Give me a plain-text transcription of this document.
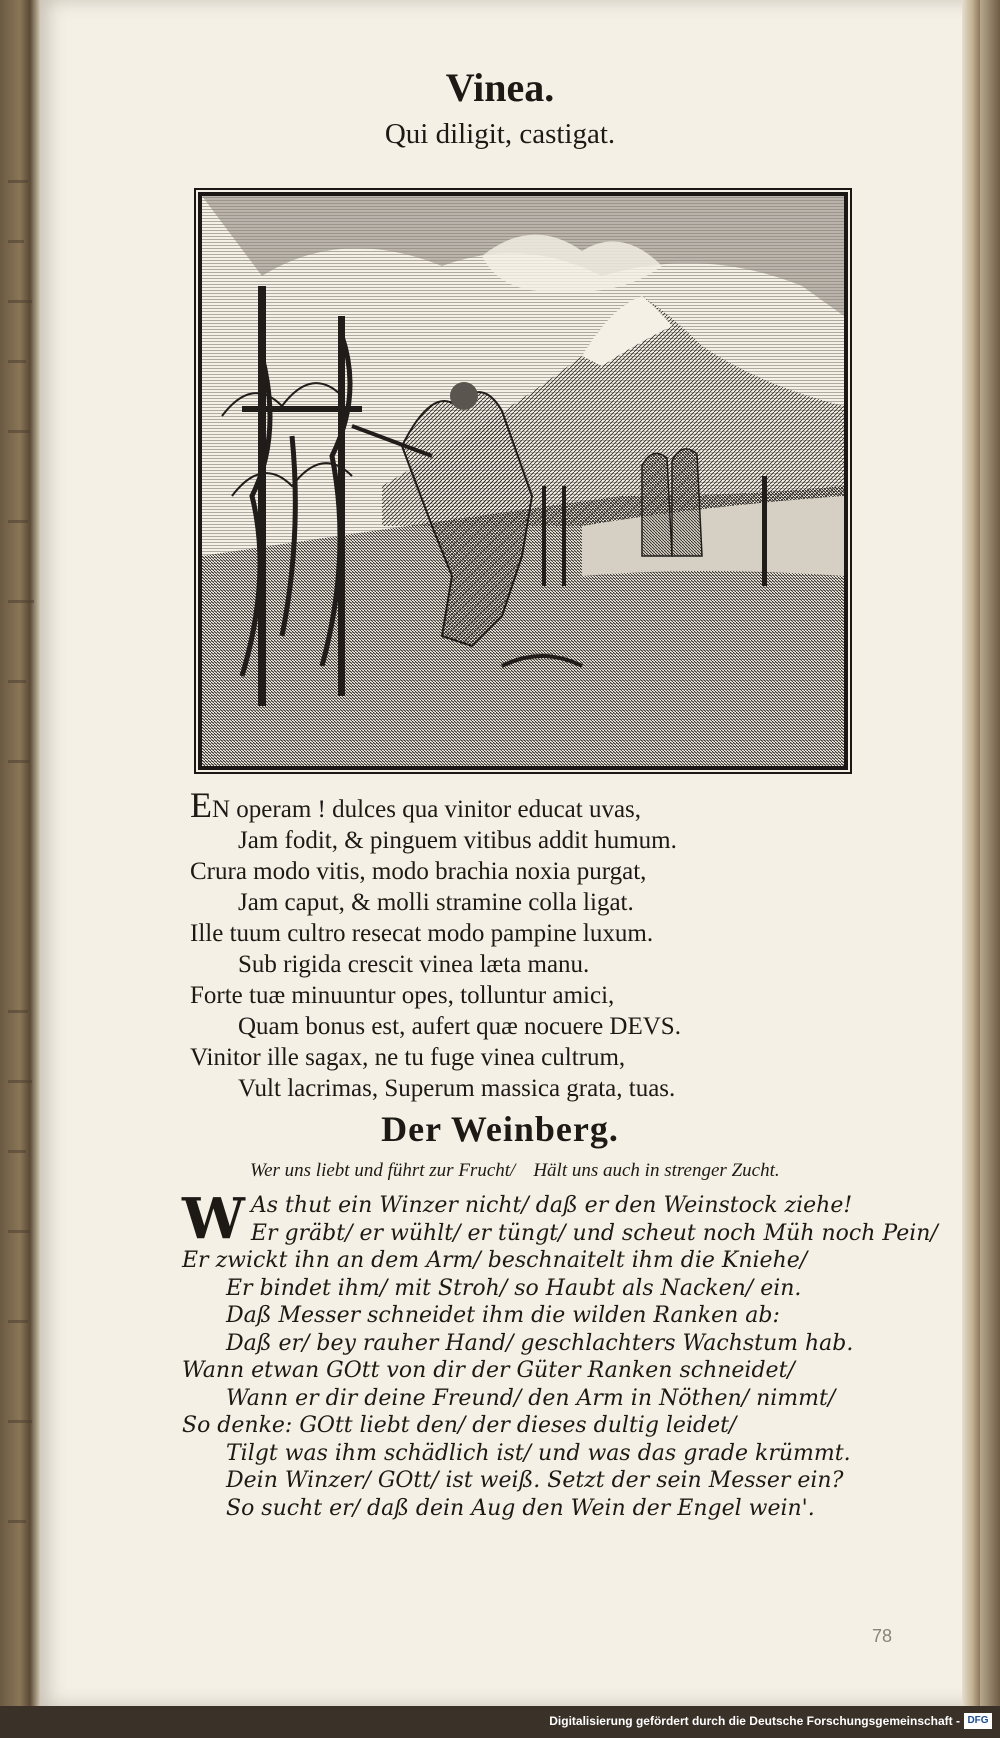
Vinea.
Qui diligit, castigat.
EN operam ! dulces qua vinitor educat uvas,
Jam fodit, & pinguem vitibus addit humum.
Crura modo vitis, modo brachia noxia purgat,
Jam caput, & molli stramine colla ligat.
Ille tuum cultro resecat modo pampine luxum.
Sub rigida crescit vinea læta manu.
Forte tuæ minuuntur opes, tolluntur amici,
Quam bonus est, aufert quæ nocuere DEVS.
Vinitor ille sagax, ne tu fuge vinea cultrum,
Vult lacrimas, Superum massica grata, tuas.
Der Weinberg.
Wer uns liebt und führt zur Frucht/ Hält uns auch in strenger Zucht.
W As thut ein Winzer nicht/ daß er den Weinstock ziehe!
Er gräbt/ er wühlt/ er tüngt/ und scheut noch Müh noch Pein/
Er zwickt ihn an dem Arm/ beschnaitelt ihm die Kniehe/
Er bindet ihm/ mit Stroh/ so Haubt als Nacken/ ein.
Daß Messer schneidet ihm die wilden Ranken ab:
Daß er/ bey rauher Hand/ geschlachters Wachstum hab.
Wann etwan GOtt von dir der Güter Ranken schneidet/
Wann er dir deine Freund/ den Arm in Nöthen/ nimmt/
So denke: GOtt liebt den/ der dieses dultig leidet/
Tilgt was ihm schädlich ist/ und was das grade krümmt.
Dein Winzer/ GOtt/ ist weiß. Setzt der sein Messer ein?
So sucht er/ daß dein Aug den Wein der Engel wein'.
78
Digitalisierung gefördert durch die Deutsche Forschungsgemeinschaft - DFG
